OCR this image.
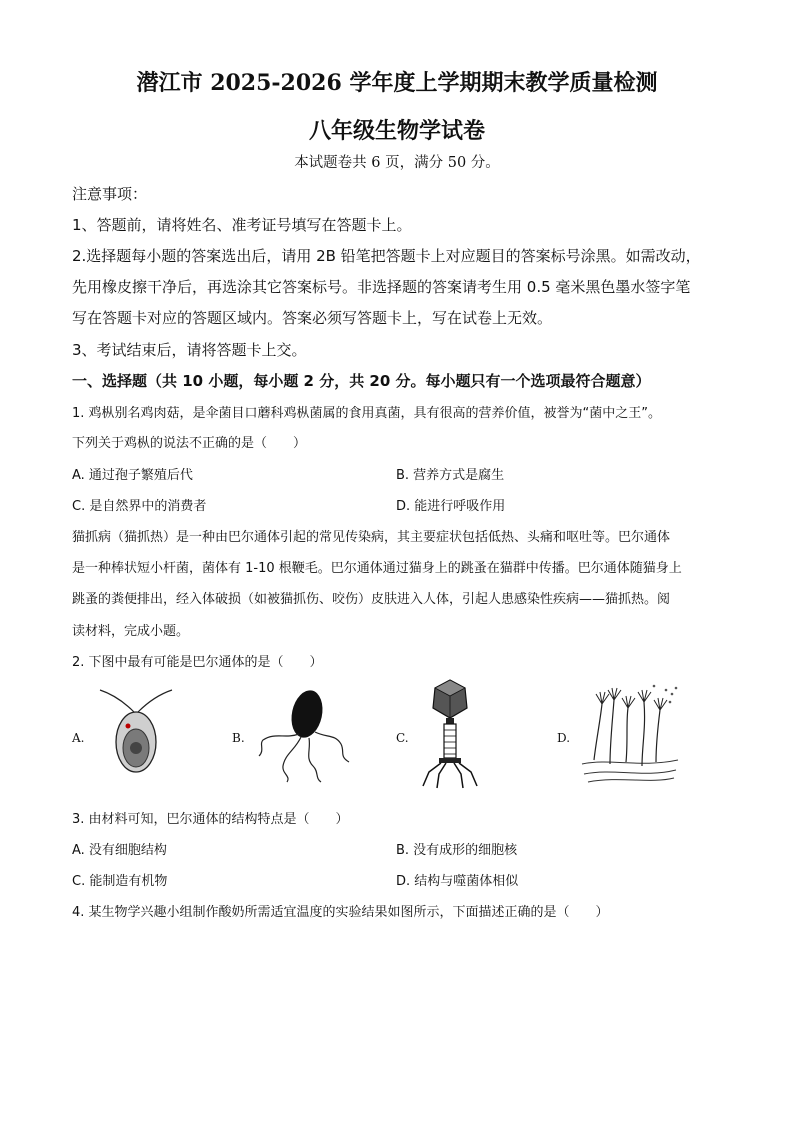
潜江市 2025-2026 学年度上学期期末教学质量检测
八年级生物学试卷
本试题卷共 6 页，满分 50 分。
注意事项：
1、答题前，请将姓名、准考证号填写在答题卡上。
2.选择题每小题的答案选出后，请用 2B 铅笔把答题卡上对应题目的答案标号涂黑。如需改动，
先用橡皮擦干净后，再选涂其它答案标号。非选择题的答案请考生用 0.5 毫米黑色墨水签字笔
写在答题卡对应的答题区域内。答案必须写答题卡上，写在试卷上无效。
3、考试结束后，请将答题卡上交。
一、选择题（共 10 小题，每小题 2 分，共 20 分。每小题只有一个选项最符合题意）
1. 鸡枞别名鸡肉菇，是伞菌目口蘑科鸡枞菌属的食用真菌，具有很高的营养价值，被誉为“菌中之王”。
下列关于鸡枞的说法不正确的是（　　）
A. 通过孢子繁殖后代	B. 营养方式是腐生
C. 是自然界中的消费者	D. 能进行呼吸作用
猫抓病（猫抓热）是一种由巴尔通体引起的常见传染病，其主要症状包括低热、头痛和呕吐等。巴尔通体
是一种棒状短小杆菌，菌体有 1-10 根鞭毛。巴尔通体通过猫身上的跳蚤在猫群中传播。巴尔通体随猫身上
跳蚤的粪便排出，经入体破损（如被猫抓伤、咬伤）皮肤进入人体，引起人患感染性疾病——猫抓热。阅
读材料，完成小题。
2. 下图中最有可能是巴尔通体的是（　　）
A.	B.	C.	D.
3. 由材料可知，巴尔通体的结构特点是（　　）
A. 没有细胞结构	B. 没有成形的细胞核
C. 能制造有机物	D. 结构与噬菌体相似
4. 某生物学兴趣小组制作酸奶所需适宜温度的实验结果如图所示，下面描述正确的是（　　）
